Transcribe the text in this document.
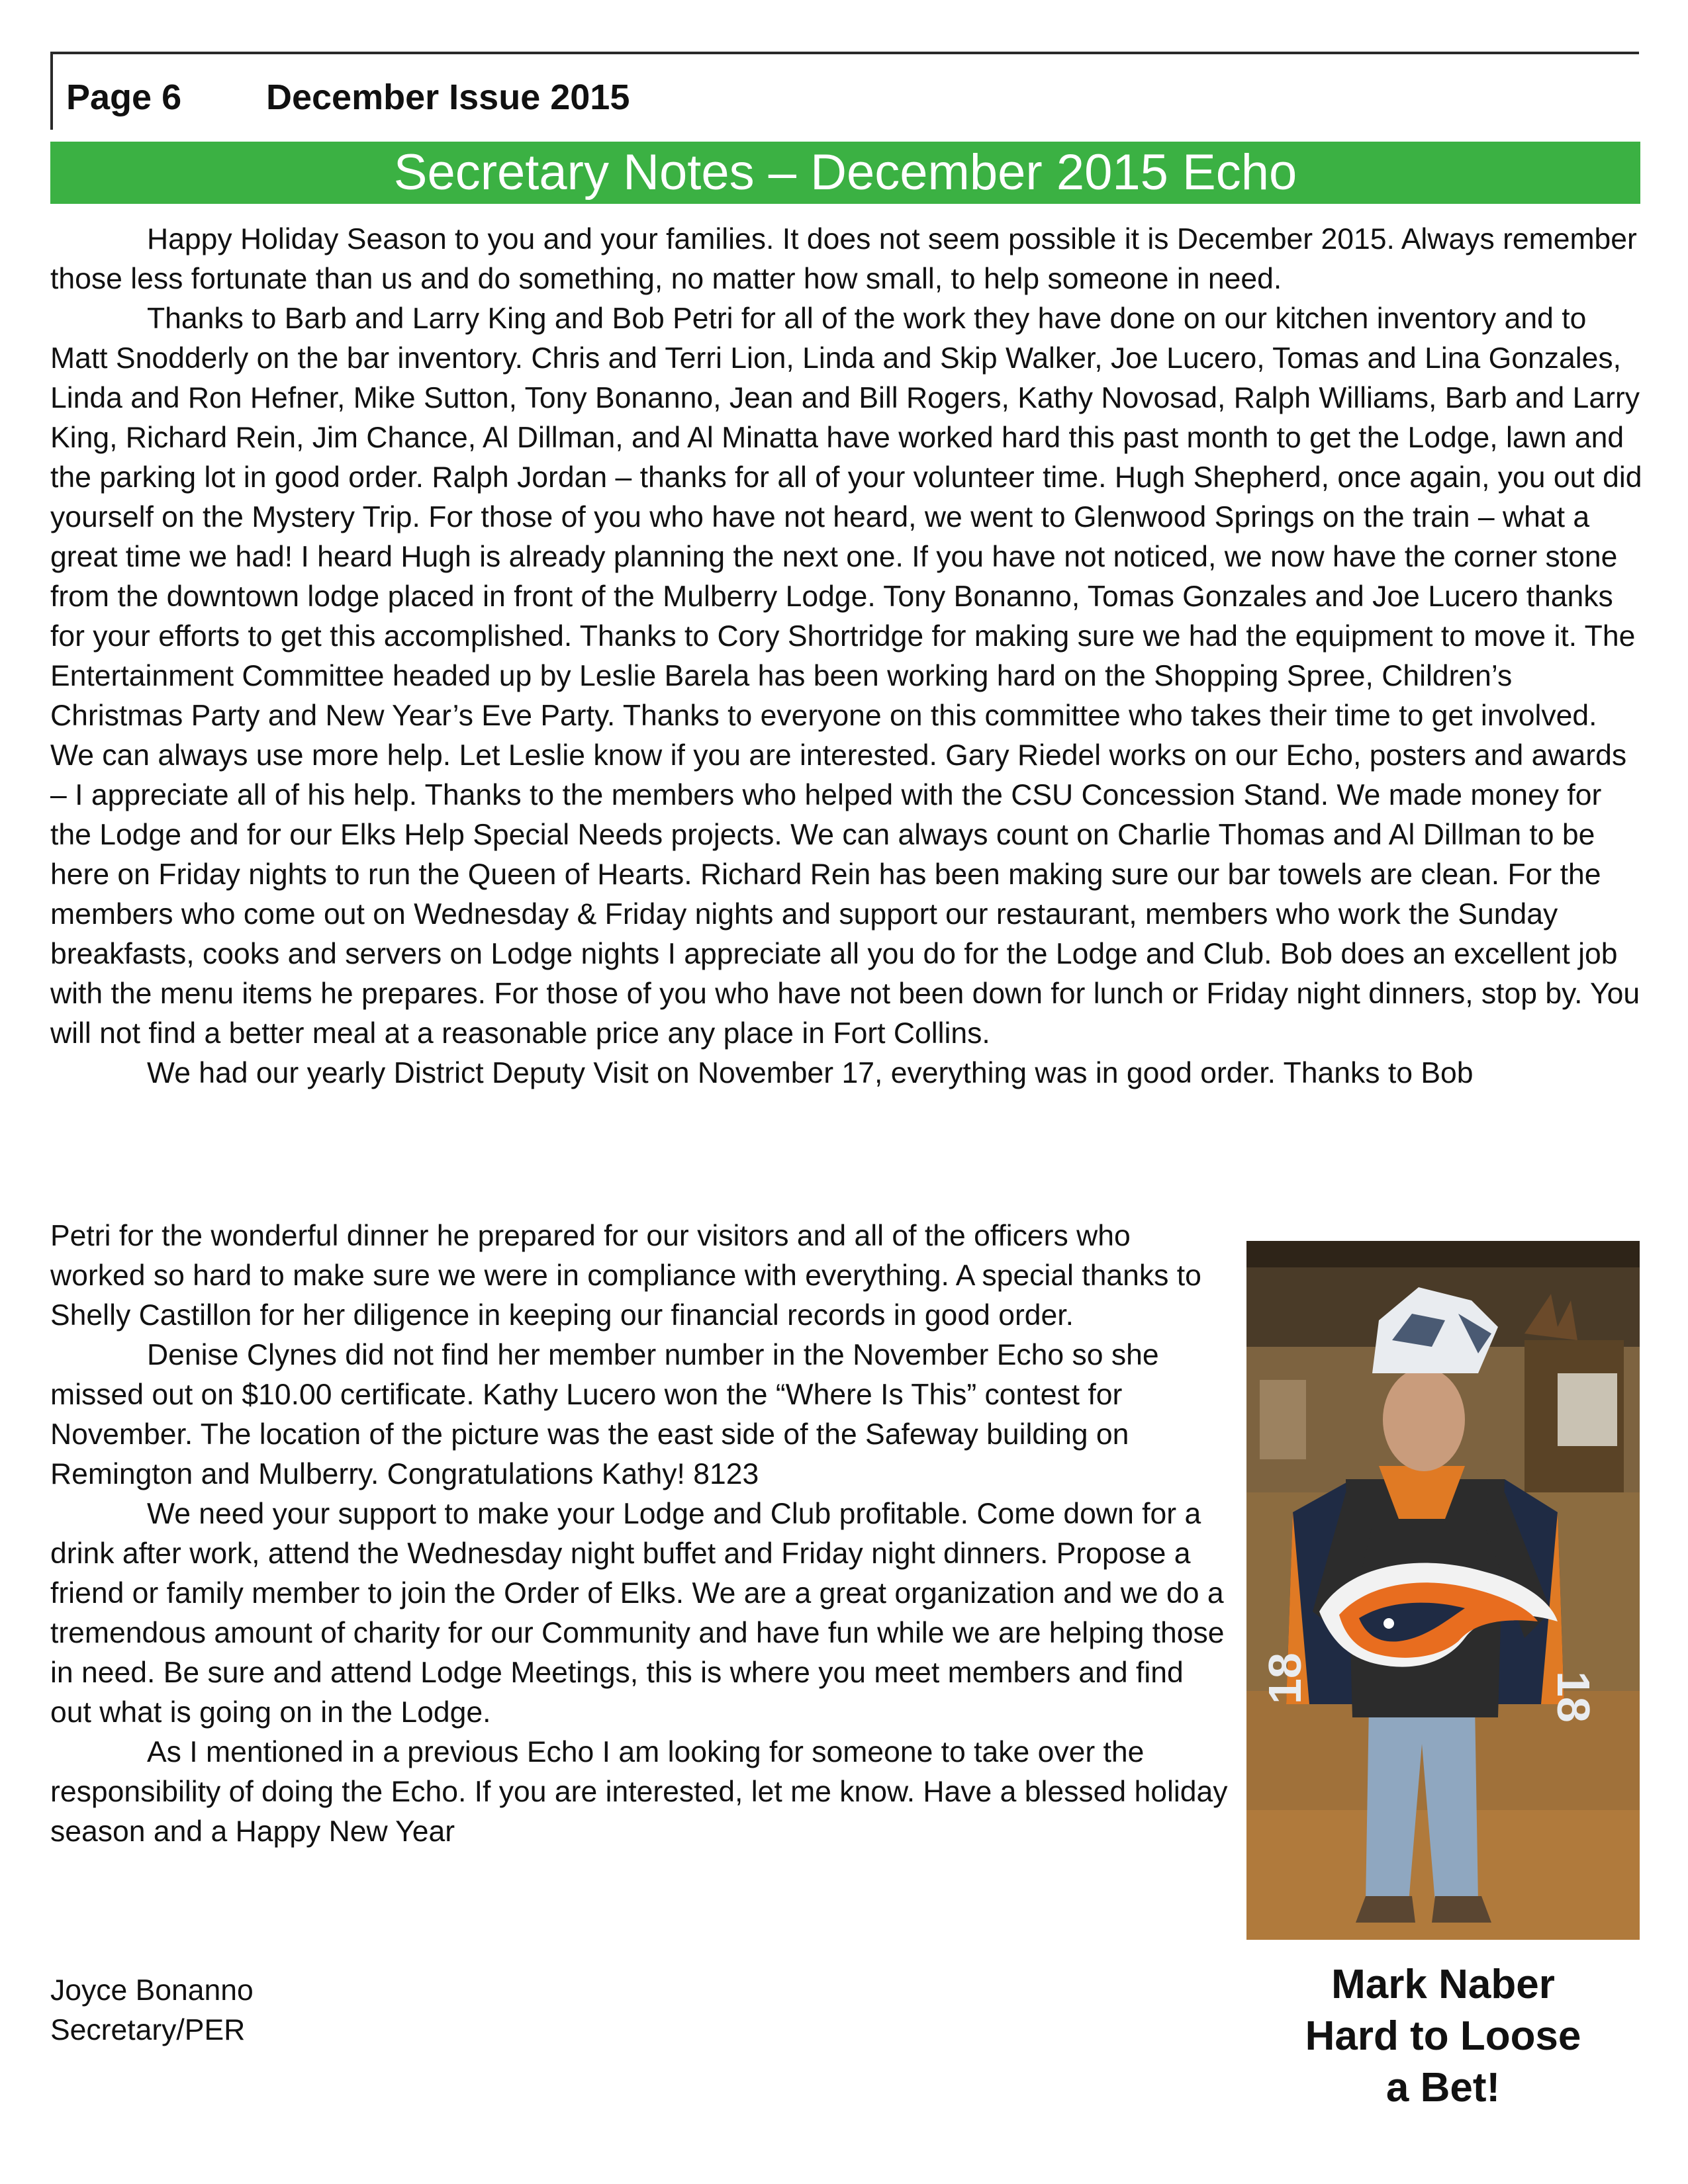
Page 6 December Issue 2015
Secretary Notes – December 2015 Echo

Happy Holiday Season to you and your families. It does not seem possible it is December 2015. Always remember those less fortunate than us and do something, no matter how small, to help someone in need.

Thanks to Barb and Larry King and Bob Petri for all of the work they have done on our kitchen inventory and to Matt Snodderly on the bar inventory. Chris and Terri Lion, Linda and Skip Walker, Joe Lucero, Tomas and Lina Gonzales, Linda and Ron Hefner, Mike Sutton, Tony Bonanno, Jean and Bill Rogers, Kathy Novosad, Ralph Williams, Barb and Larry King, Richard Rein, Jim Chance, Al Dillman, and Al Minatta have worked hard this past month to get the Lodge, lawn and the parking lot in good order. Ralph Jordan – thanks for all of your volunteer time. Hugh Shepherd, once again, you out did yourself on the Mystery Trip. For those of you who have not heard, we went to Glenwood Springs on the train – what a great time we had! I heard Hugh is already planning the next one. If you have not noticed, we now have the corner stone from the downtown lodge placed in front of the Mulberry Lodge. Tony Bonanno, Tomas Gonzales and Joe Lucero thanks for your efforts to get this accomplished. Thanks to Cory Shortridge for making sure we had the equipment to move it. The Entertainment Committee headed up by Leslie Barela has been working hard on the Shopping Spree, Children’s Christmas Party and New Year’s Eve Party. Thanks to everyone on this committee who takes their time to get involved. We can always use more help. Let Leslie know if you are interested. Gary Riedel works on our Echo, posters and awards – I appreciate all of his help. Thanks to the members who helped with the CSU Concession Stand. We made money for the Lodge and for our Elks Help Special Needs projects. We can always count on Charlie Thomas and Al Dillman to be here on Friday nights to run the Queen of Hearts. Richard Rein has been making sure our bar towels are clean. For the members who come out on Wednesday & Friday nights and support our restaurant, members who work the Sunday breakfasts, cooks and servers on Lodge nights I appreciate all you do for the Lodge and Club. Bob does an excellent job with the menu items he prepares. For those of you who have not been down for lunch or Friday night dinners, stop by. You will not find a better meal at a reasonable price any place in Fort Collins.

We had our yearly District Deputy Visit on November 17, everything was in good order. Thanks to Bob

Petri for the wonderful dinner he prepared for our visitors and all of the officers who worked so hard to make sure we were in compliance with everything. A special thanks to Shelly Castillon for her diligence in keeping our financial records in good order.

Denise Clynes did not find her member number in the November Echo so she missed out on $10.00 certificate. Kathy Lucero won the “Where Is This” contest for November. The location of the picture was the east side of the Safeway building on Remington and Mulberry. Congratulations Kathy! 8123

We need your support to make your Lodge and Club profitable. Come down for a drink after work, attend the Wednesday night buffet and Friday night dinners. Propose a friend or family member to join the Order of Elks. We are a great organization and we do a tremendous amount of charity for our Community and have fun while we are helping those in need. Be sure and attend Lodge Meetings, this is where you meet members and find out what is going on in the Lodge.

As I mentioned in a previous Echo I am looking for someone to take over the responsibility of doing the Echo. If you are interested, let me know. Have a blessed holiday season and a Happy New Year

Joyce Bonanno

Secretary/PER

18	18
Mark Naber
Hard to Loose
a Bet!
